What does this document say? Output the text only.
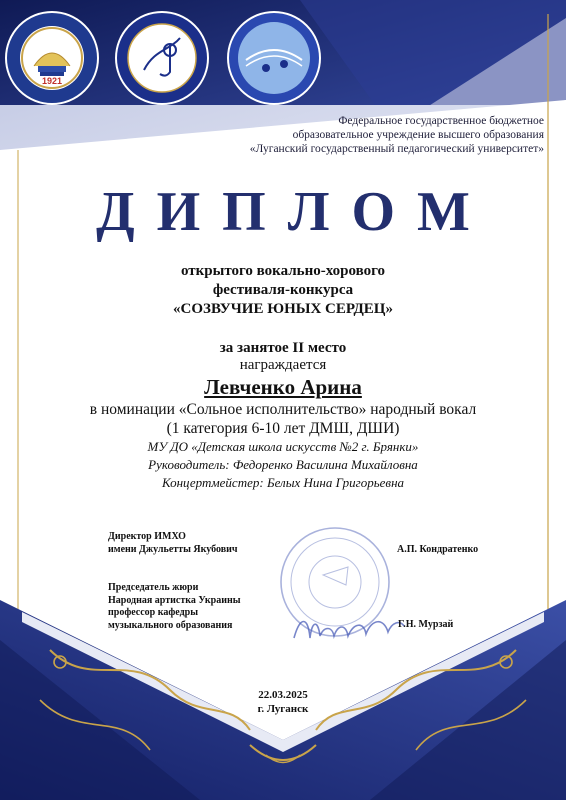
1921
Федеральное государственное бюджетное
образовательное учреждение высшего образования
«Луганский государственный педагогический университет»
ДИПЛОМ
открытого вокально-хорового
фестиваля-конкурса
«СОЗВУЧИЕ ЮНЫХ СЕРДЕЦ»
за занятое II место
награждается
Левченко Арина
в номинации «Сольное исполнительство» народный вокал
(1 категория 6-10 лет ДМШ, ДШИ)
МУ ДО «Детская школа искусств №2 г. Брянки»
Руководитель: Федоренко Василина Михайловна
Концертмейстер: Белых Нина Григорьевна
Директор ИМХО
имени Джульетты Якубович	А.П. Кондратенко
Председатель жюри
Народная артистка Украины
профессор кафедры
музыкального образования	Г.Н. Мурзай
22.03.2025
г. Луганск
